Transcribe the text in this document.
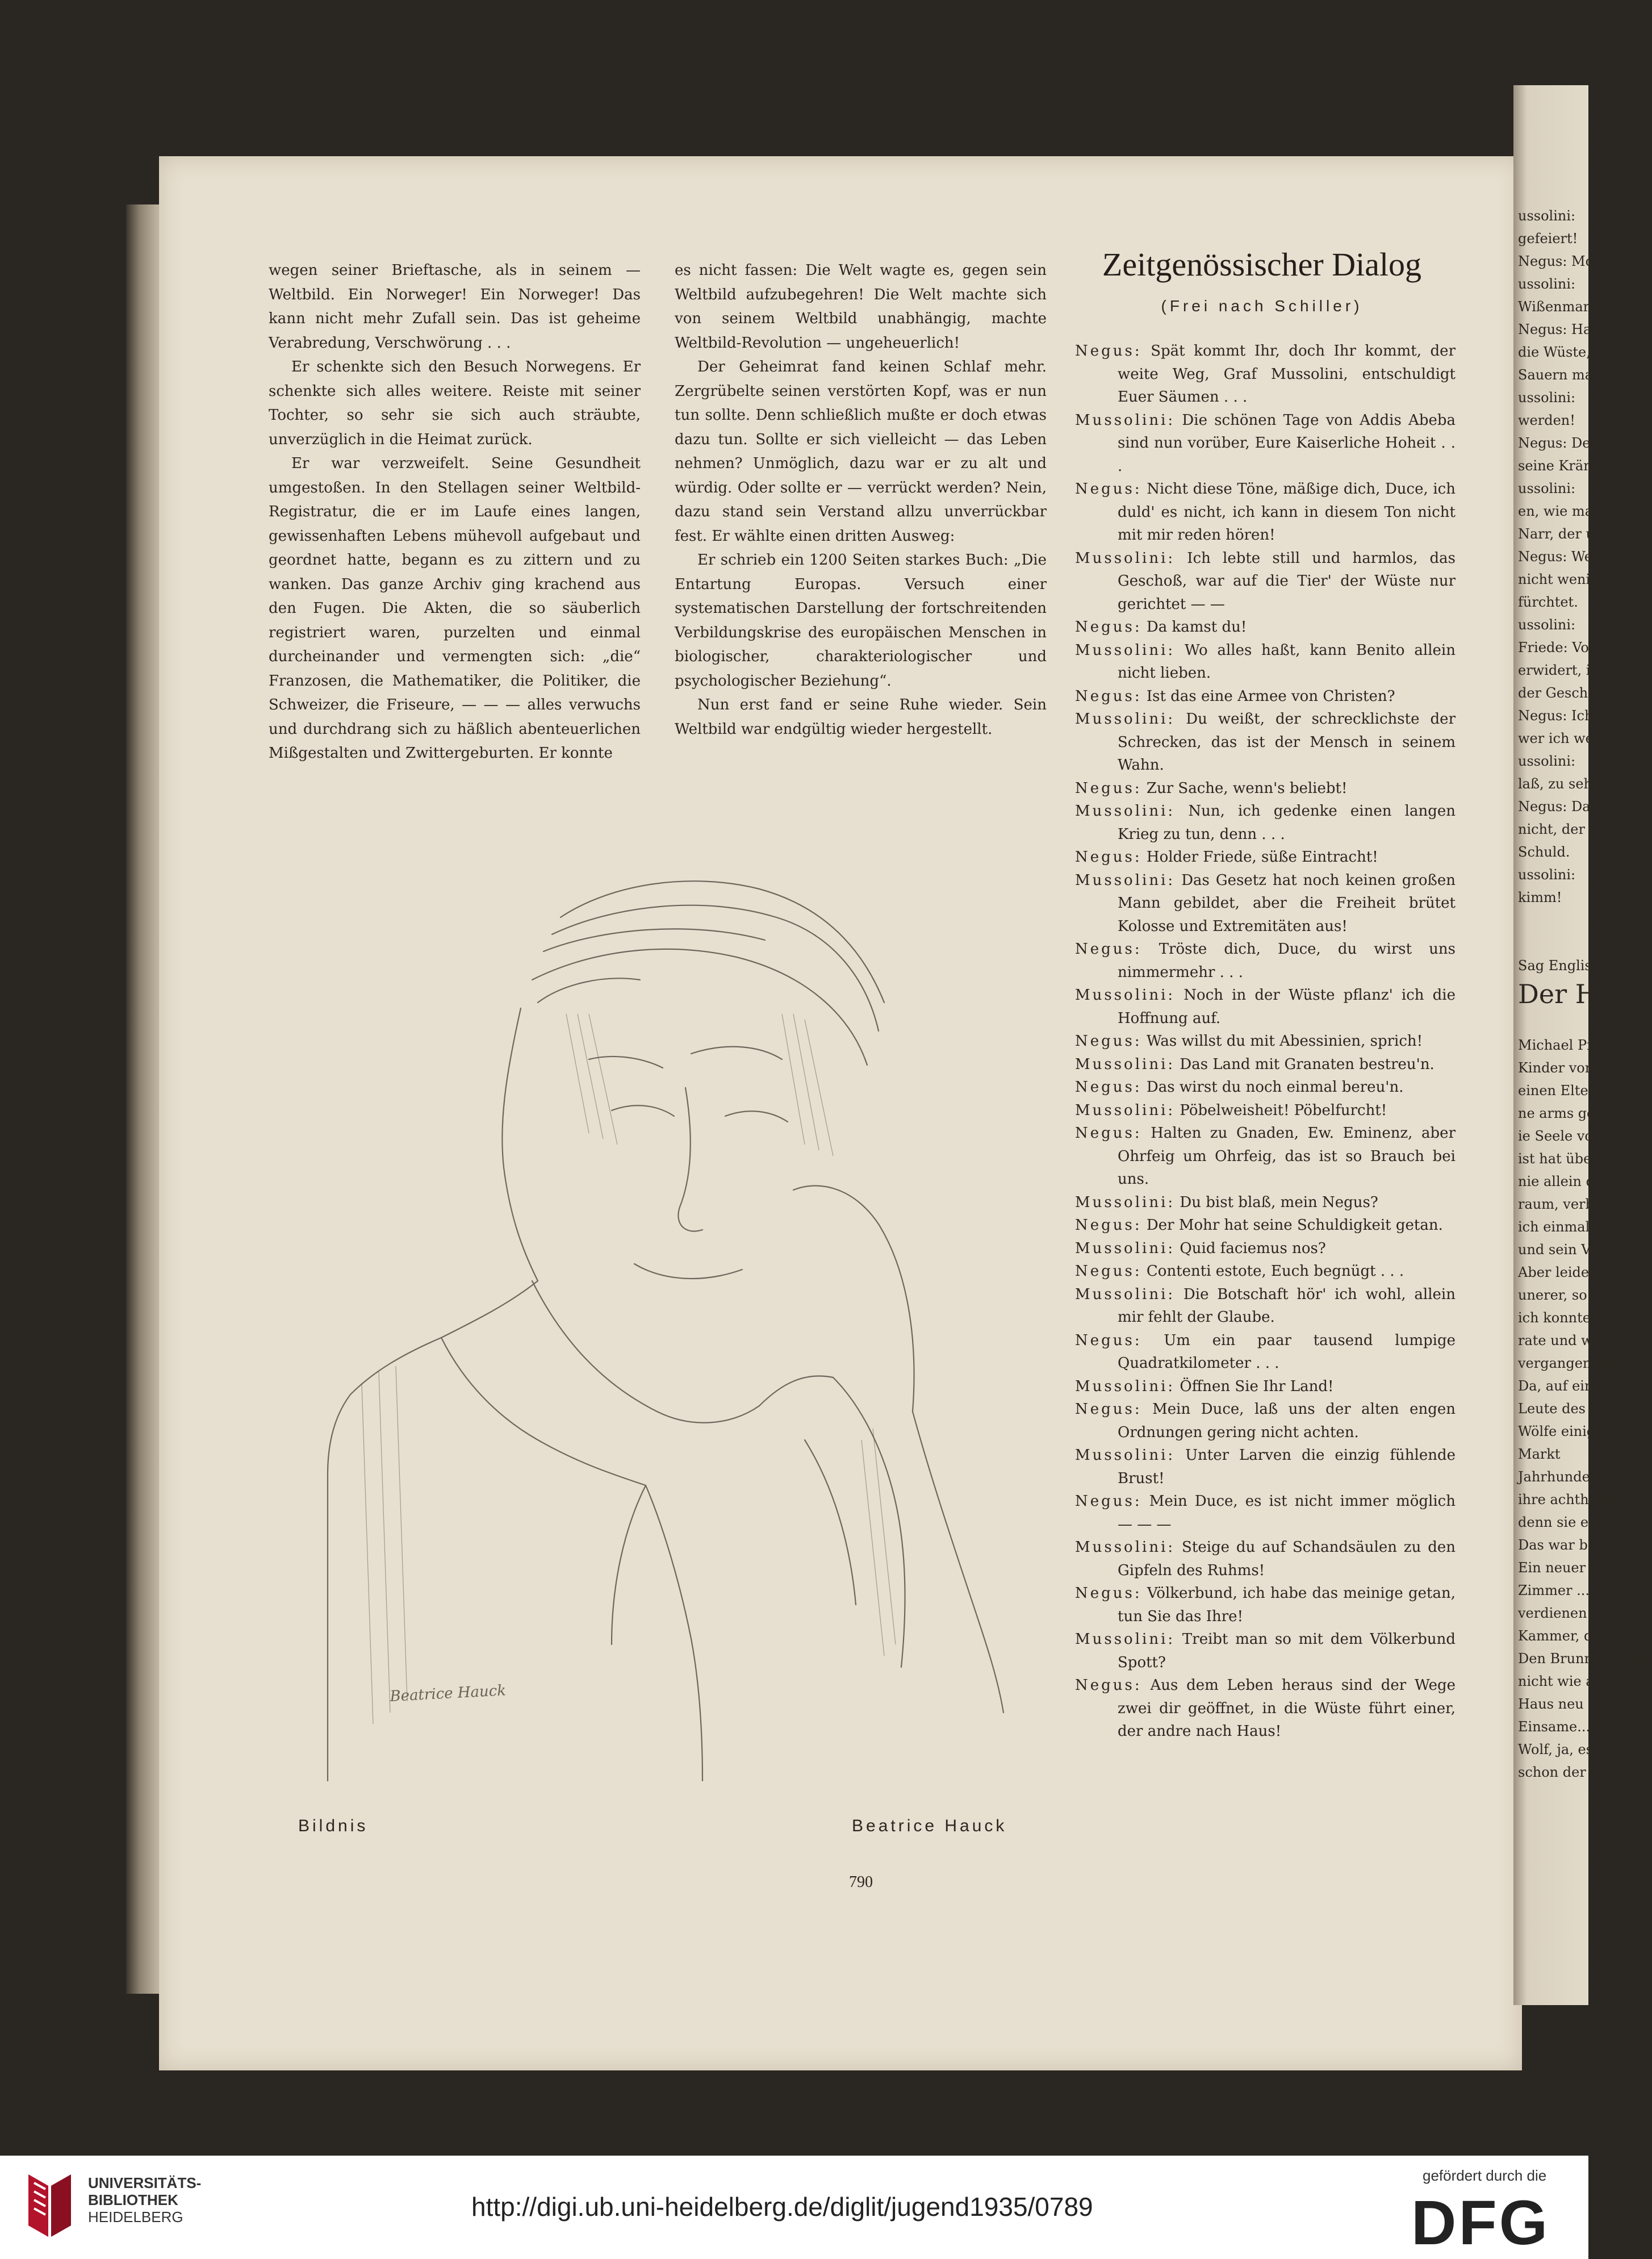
ussolini:
gefeiert!
Negus: Mort
ussolini:
Wißenmann
Negus: Ha,
die Wüste,
Sauern mach
ussolini:
werden!
Negus: Dem
seine Kränze
ussolini:
en, wie man
Narr, der u
Negus: Wer
nicht wenige
fürchtet.
ussolini:
Friede: Von d
erwidert, ich
der Geschicht
Negus: Ich
wer ich weiß
ussolini:
laß, zu sehe
Negus: Das
nicht, der
Schuld.
ussolini:
kimm!

Sag Englischa
Der H

Michael Pfeil
Kinder vom Dorf
einen Eltern geerb
ne arms gebaut.
ie Seele vor
ist hat über et
nie allein darüber
raum, verbessern
ich einmal in de
und sein Verdiens
Aber leider,
unerer, so daß
ich konnte, wenn
rate und wenn
vergangen sind.
Da, auf einma
Leute des Herrn
Wölfe einigen
Markt
Jahrhundert
ihre achthundert
denn sie einem
Das war bei Pfe
Ein neuer Bod
Zimmer ... drei
verdienen ... das
Kammer, decken,
Den Brunnen einen
nicht wie alle im
Haus neu
Einsame... da
Wolf, ja, es
schon der Kinder

wegen seiner Brieftasche, als in seinem — Weltbild. Ein Norweger! Ein Norweger! Das kann nicht mehr Zufall sein. Das ist geheime Verabredung, Verschwörung . . .

Er schenkte sich den Besuch Norwegens. Er schenkte sich alles weitere. Reiste mit seiner Tochter, so sehr sie sich auch sträubte, unverzüglich in die Heimat zurück.

Er war verzweifelt. Seine Gesundheit umgestoßen. In den Stellagen seiner Weltbild-Registratur, die er im Laufe eines langen, gewissenhaften Lebens mühevoll aufgebaut und geordnet hatte, begann es zu zittern und zu wanken. Das ganze Archiv ging krachend aus den Fugen. Die Akten, die so säuberlich registriert waren, purzelten und einmal durcheinander und vermengten sich: „die“ Franzosen, die Mathematiker, die Politiker, die Schweizer, die Friseure, — — — alles verwuchs und durchdrang sich zu häßlich abenteuerlichen Mißgestalten und Zwittergeburten. Er konnte

es nicht fassen: Die Welt wagte es, gegen sein Weltbild aufzubegehren! Die Welt machte sich von seinem Weltbild unabhängig, machte Weltbild-Revolution — ungeheuerlich!

Der Geheimrat fand keinen Schlaf mehr. Zergrübelte seinen verstörten Kopf, was er nun tun sollte. Denn schließlich mußte er doch etwas dazu tun. Sollte er sich vielleicht — das Leben nehmen? Unmöglich, dazu war er zu alt und würdig. Oder sollte er — verrückt werden? Nein, dazu stand sein Verstand allzu unverrückbar fest. Er wählte einen dritten Ausweg:

Er schrieb ein 1200 Seiten starkes Buch: „Die Entartung Europas. Versuch einer systematischen Darstellung der fortschreitenden Verbildungskrise des europäischen Menschen in biologischer, charakteriologischer und psychologischer Beziehung“.

Nun erst fand er seine Ruhe wieder. Sein Weltbild war endgültig wieder hergestellt.

Zeitgenössischer Dialog
(Frei nach Schiller)

Negus: Spät kommt Ihr, doch Ihr kommt, der weite Weg, Graf Mussolini, entschuldigt Euer Säumen . . .

Mussolini: Die schönen Tage von Addis Abeba sind nun vorüber, Eure Kaiserliche Hoheit . . .

Negus: Nicht diese Töne, mäßige dich, Duce, ich duld' es nicht, ich kann in diesem Ton nicht mit mir reden hören!

Mussolini: Ich lebte still und harmlos, das Geschoß, war auf die Tier' der Wüste nur gerichtet — —

Negus: Da kamst du!

Mussolini: Wo alles haßt, kann Benito allein nicht lieben.

Negus: Ist das eine Armee von Christen?

Mussolini: Du weißt, der schrecklichste der Schrecken, das ist der Mensch in seinem Wahn.

Negus: Zur Sache, wenn's beliebt!

Mussolini: Nun, ich gedenke einen langen Krieg zu tun, denn . . .

Negus: Holder Friede, süße Eintracht!

Mussolini: Das Gesetz hat noch keinen großen Mann gebildet, aber die Freiheit brütet Kolosse und Extremitäten aus!

Negus: Tröste dich, Duce, du wirst uns nimmermehr . . .

Mussolini: Noch in der Wüste pflanz' ich die Hoffnung auf.

Negus: Was willst du mit Abessinien, sprich!

Mussolini: Das Land mit Granaten bestreu'n.

Negus: Das wirst du noch einmal bereu'n.

Mussolini: Pöbelweisheit! Pöbelfurcht!

Negus: Halten zu Gnaden, Ew. Eminenz, aber Ohrfeig um Ohrfeig, das ist so Brauch bei uns.

Mussolini: Du bist blaß, mein Negus?

Negus: Der Mohr hat seine Schuldigkeit getan.

Mussolini: Quid faciemus nos?

Negus: Contenti estote, Euch begnügt . . .

Mussolini: Die Botschaft hör' ich wohl, allein mir fehlt der Glaube.

Negus: Um ein paar tausend lumpige Quadratkilometer . . .

Mussolini: Öffnen Sie Ihr Land!

Negus: Mein Duce, laß uns der alten engen Ordnungen gering nicht achten.

Mussolini: Unter Larven die einzig fühlende Brust!

Negus: Mein Duce, es ist nicht immer möglich — — —

Mussolini: Steige du auf Schandsäulen zu den Gipfeln des Ruhms!

Negus: Völkerbund, ich habe das meinige getan, tun Sie das Ihre!

Mussolini: Treibt man so mit dem Völkerbund Spott?

Negus: Aus dem Leben heraus sind der Wege zwei dir geöffnet, in die Wüste führt einer, der andre nach Haus!

Beatrice Hauck
Bildnis	Beatrice Hauck
790
UNIVERSITÄTS-
BIBLIOTHEK
HEIDELBERG	http://digi.ub.uni-heidelberg.de/diglit/jugend1935/0789
gefördert durch die
DFG
